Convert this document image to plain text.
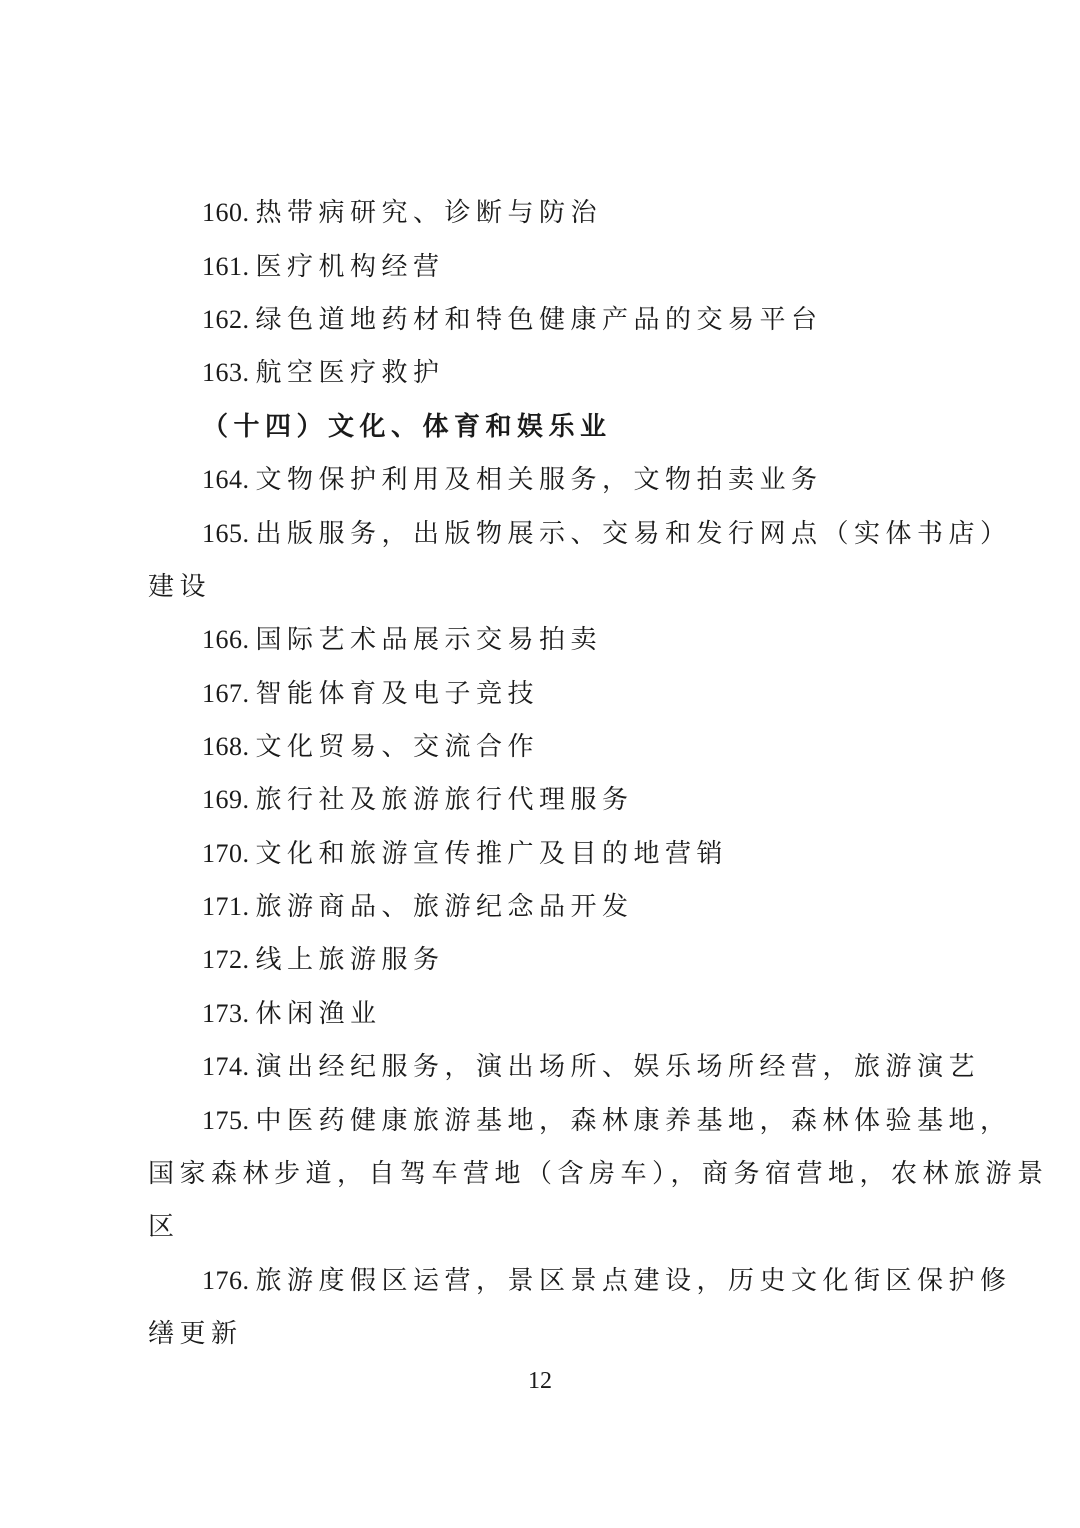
160. 热带病研究、诊断与防治
161. 医疗机构经营
162. 绿色道地药材和特色健康产品的交易平台
163. 航空医疗救护
（十四）文化、体育和娱乐业
164. 文物保护利用及相关服务，文物拍卖业务
165. 出版服务，出版物展示、交易和发行网点（实体书店）
建设
166. 国际艺术品展示交易拍卖
167. 智能体育及电子竞技
168. 文化贸易、交流合作
169. 旅行社及旅游旅行代理服务
170. 文化和旅游宣传推广及目的地营销
171. 旅游商品、旅游纪念品开发
172. 线上旅游服务
173. 休闲渔业
174. 演出经纪服务，演出场所、娱乐场所经营，旅游演艺
175. 中医药健康旅游基地，森林康养基地，森林体验基地，
国家森林步道，自驾车营地（含房车），商务宿营地，农林旅游景
区
176. 旅游度假区运营，景区景点建设，历史文化街区保护修
缮更新
12
